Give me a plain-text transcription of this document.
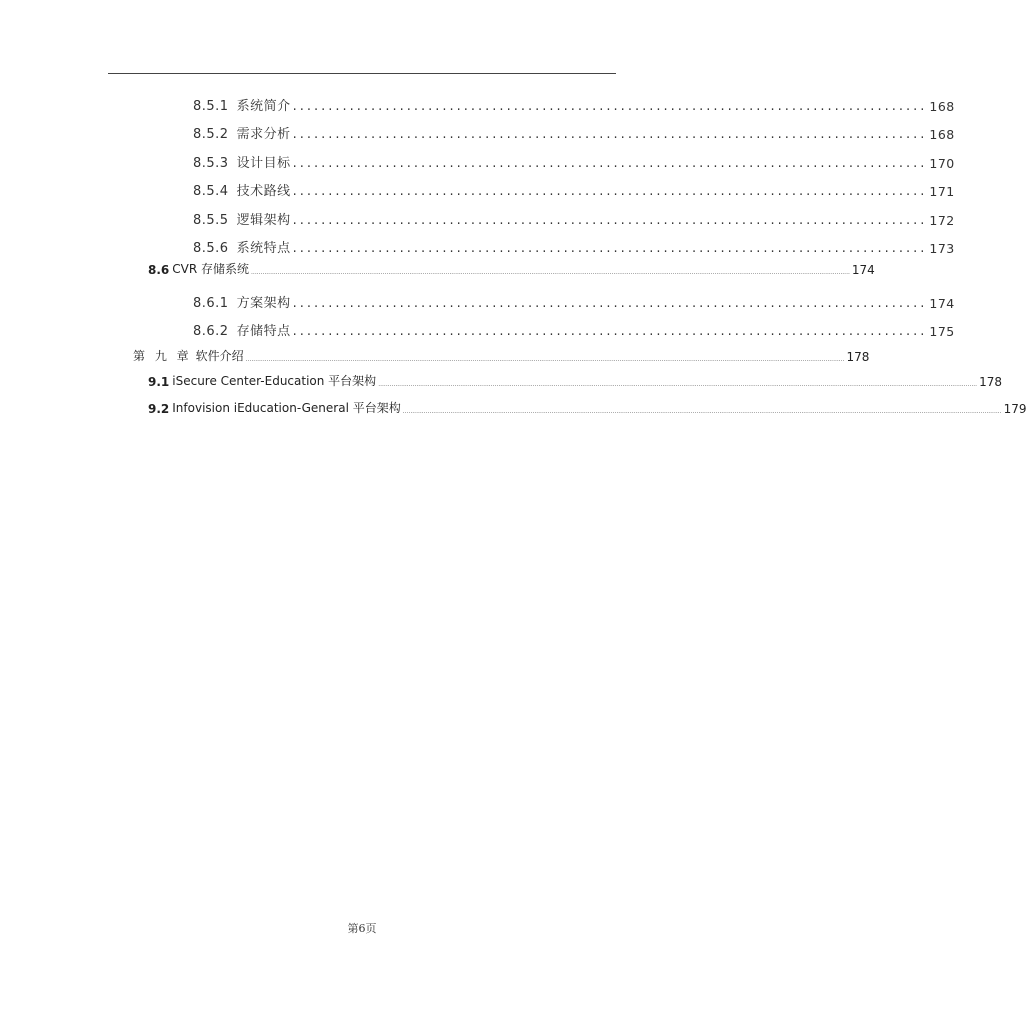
8.5.1 系统简介 ......................................................................................... 168
8.5.2 需求分析 ......................................................................................... 168
8.5.3 设计目标 ......................................................................................... 170
8.5.4 技术路线 ......................................................................................... 171
8.5.5 逻辑架构 ......................................................................................... 172
8.5.6 系统特点 ......................................................................................... 173
8.6 CVR 存储系统 .......................................................................................................................................................................................................................................................................................................................... 174
8.6.1 方案架构 ......................................................................................... 174
8.6.2 存储特点 ......................................................................................... 175
第 九 章 软件介绍 .......................................................................................................................................................................................................................................................................................................................... 178
9.1 iSecure Center-Education 平台架构 .......................................................................................................................................................................................................................................................................................................................... 178
9.2 Infovision iEducation-General 平台架构 .......................................................................................................................................................................................................................................................................................................................... 179
第6页
